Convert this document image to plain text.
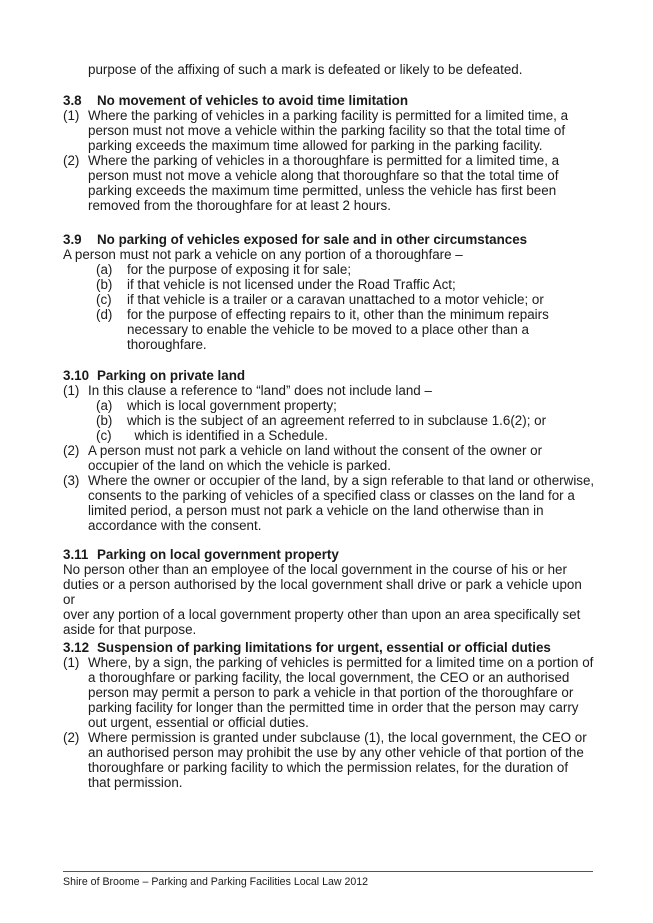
purpose of the affixing of such a mark is defeated or likely to be defeated.
3.8 No movement of vehicles to avoid time limitation
(1) Where the parking of vehicles in a parking facility is permitted for a limited time, a
person must not move a vehicle within the parking facility so that the total time of
parking exceeds the maximum time allowed for parking in the parking facility.
(2) Where the parking of vehicles in a thoroughfare is permitted for a limited time, a
person must not move a vehicle along that thoroughfare so that the total time of
parking exceeds the maximum time permitted, unless the vehicle has first been
removed from the thoroughfare for at least 2 hours.
3.9 No parking of vehicles exposed for sale and in other circumstances
A person must not park a vehicle on any portion of a thoroughfare –
(a) for the purpose of exposing it for sale;
(b) if that vehicle is not licensed under the Road Traffic Act;
(c) if that vehicle is a trailer or a caravan unattached to a motor vehicle; or
(d) for the purpose of effecting repairs to it, other than the minimum repairs
necessary to enable the vehicle to be moved to a place other than a
thoroughfare.
3.10 Parking on private land
(1) In this clause a reference to “land” does not include land –
(a) which is local government property;
(b) which is the subject of an agreement referred to in subclause 1.6(2); or
(c) which is identified in a Schedule.
(2) A person must not park a vehicle on land without the consent of the owner or
occupier of the land on which the vehicle is parked.
(3) Where the owner or occupier of the land, by a sign referable to that land or otherwise,
consents to the parking of vehicles of a specified class or classes on the land for a
limited period, a person must not park a vehicle on the land otherwise than in
accordance with the consent.
3.11 Parking on local government property
No person other than an employee of the local government in the course of his or her
duties or a person authorised by the local government shall drive or park a vehicle upon or
over any portion of a local government property other than upon an area specifically set
aside for that purpose.
3.12 Suspension of parking limitations for urgent, essential or official duties
(1) Where, by a sign, the parking of vehicles is permitted for a limited time on a portion of
a thoroughfare or parking facility, the local government, the CEO or an authorised
person may permit a person to park a vehicle in that portion of the thoroughfare or
parking facility for longer than the permitted time in order that the person may carry
out urgent, essential or official duties.
(2) Where permission is granted under subclause (1), the local government, the CEO or
an authorised person may prohibit the use by any other vehicle of that portion of the
thoroughfare or parking facility to which the permission relates, for the duration of
that permission.
Shire of Broome – Parking and Parking Facilities Local Law 2012
